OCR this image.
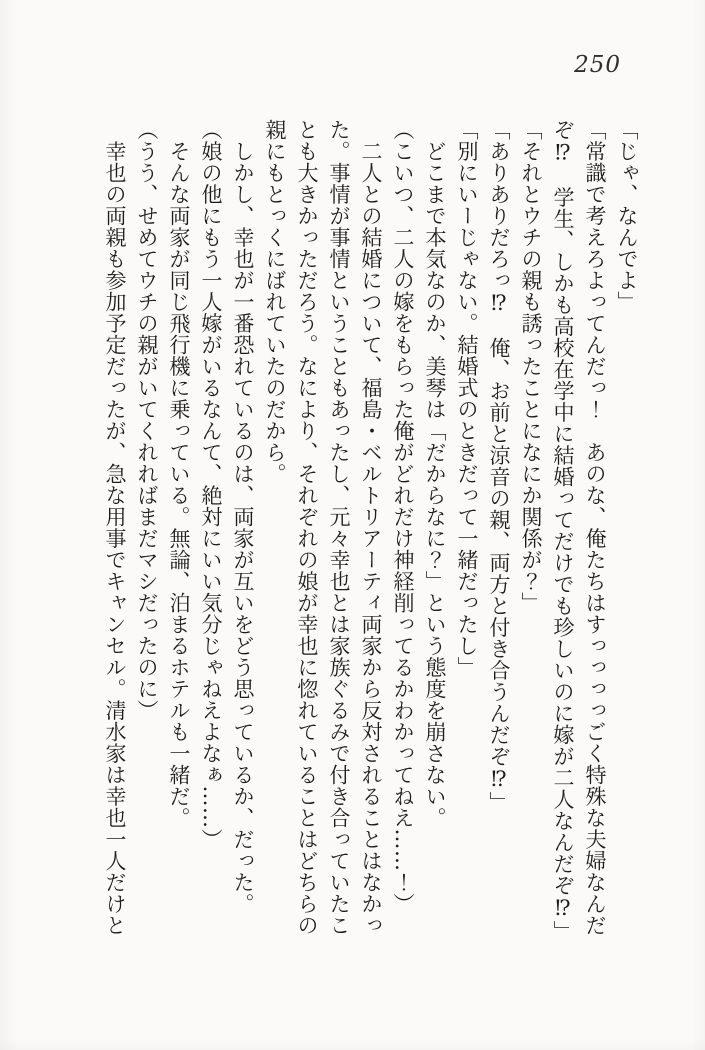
250

「じゃ、なんでよ」

「常識で考えろよってんだっ！　あのな、俺たちはすっっっっごく特殊な夫婦なんだ

ぞ⁉　学生、しかも高校在学中に結婚ってだけでも珍しいのに嫁が二人なんだぞ⁉」

「それとウチの親も誘ったことになにか関係が？」

「ありありだろっ⁉　俺、お前と涼音の親、両方と付き合うんだぞ⁉」

「別にいーじゃない。結婚式のときだって一緒だったし」

　どこまで本気なのか、美琴は「だからなに？」という態度を崩さない。

（こいつ、二人の嫁をもらった俺がどれだけ神経削ってるかわかってねえ……！）

　二人との結婚について、福島・ベルトリアーティ両家から反対されることはなかっ

た。事情が事情ということもあったし、元々幸也とは家族ぐるみで付き合っていたこ

とも大きかっただろう。なにより、それぞれの娘が幸也に惚れていることはどちらの

親にもとっくにばれていたのだから。

　しかし、幸也が一番恐れているのは、両家が互いをどう思っているか、だった。

（娘の他にもう一人嫁がいるなんて、絶対にいい気分じゃねえよなぁ……）

　そんな両家が同じ飛行機に乗っている。無論、泊まるホテルも一緒だ。

（うう、せめてウチの親がいてくれればまだマシだったのに）

　幸也の両親も参加予定だったが、急な用事でキャンセル。清水家は幸也一人だけと
